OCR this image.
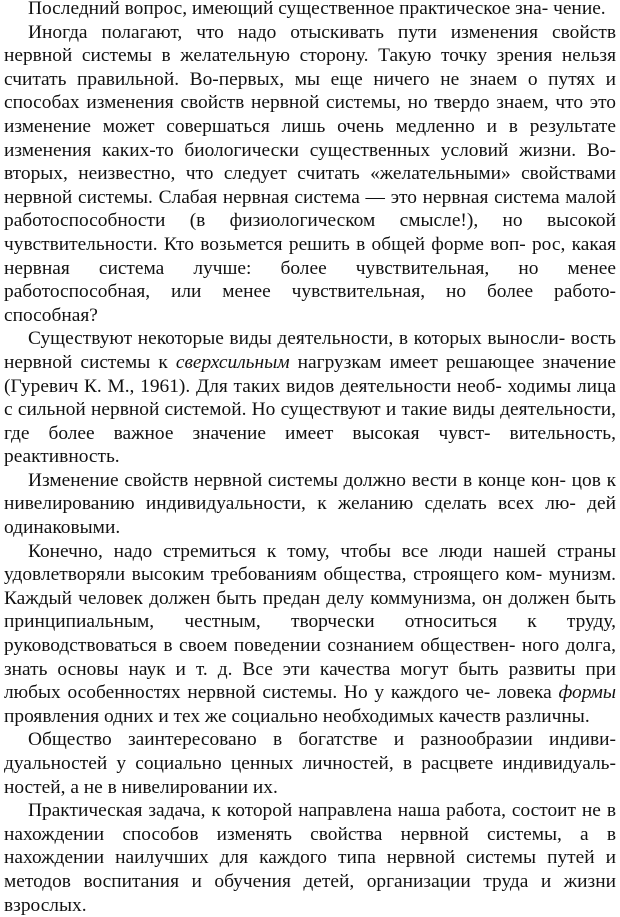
Последний вопрос, имеющий существенное практическое зна- чение.

Иногда полагают, что надо отыскивать пути изменения свойств нервной системы в желательную сторону. Такую точку зрения нельзя считать правильной. Во-первых, мы еще ничего не знаем о путях и способах изменения свойств нервной системы, но твердо знаем, что это изменение может совершаться лишь очень медленно и в результате изменения каких-то биологически существенных условий жизни. Во-вторых, неизвестно, что следует считать «желательными» свойствами нервной системы. Слабая нервная система — это нервная система малой работоспособности (в физиологическом смысле!), но высокой чувствительности. Кто возьмется решить в общей форме воп- рос, какая нервная система лучше: более чувствительная, но менее работоспособная, или менее чувствительная, но более работо- способная?

Существуют некоторые виды деятельности, в которых выносли- вость нервной системы к сверхсильным нагрузкам имеет решающее значение (Гуревич К. М., 1961). Для таких видов деятельности необ- ходимы лица с сильной нервной системой. Но существуют и такие виды деятельности, где более важное значение имеет высокая чувст- вительность, реактивность.

Изменение свойств нервной системы должно вести в конце кон- цов к нивелированию индивидуальности, к желанию сделать всех лю- дей одинаковыми.

Конечно, надо стремиться к тому, чтобы все люди нашей страны удовлетворяли высоким требованиям общества, строящего ком- мунизм. Каждый человек должен быть предан делу коммунизма, он должен быть принципиальным, честным, творчески относиться к труду, руководствоваться в своем поведении сознанием обществен- ного долга, знать основы наук и т. д. Все эти качества могут быть развиты при любых особенностях нервной системы. Но у каждого че- ловека формы проявления одних и тех же социально необходимых качеств различны.

Общество заинтересовано в богатстве и разнообразии индиви- дуальностей у социально ценных личностей, в расцвете индивидуаль- ностей, а не в нивелировании их.

Практическая задача, к которой направлена наша работа, состоит не в нахождении способов изменять свойства нервной системы, а в нахождении наилучших для каждого типа нервной системы путей и методов воспитания и обучения детей, организации труда и жизни взрослых.
